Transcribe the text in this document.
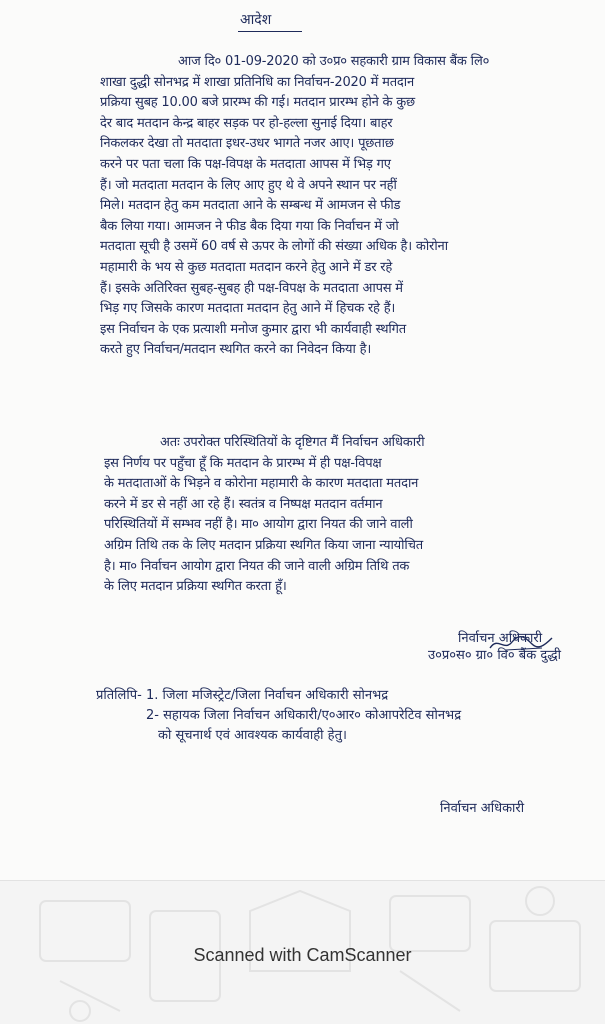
आदेश
आज दि० 01-09-2020 को उ०प्र० सहकारी ग्राम विकास बैंक लि०
शाखा दुद्धी सोनभद्र में शाखा प्रतिनिधि का निर्वाचन-2020 में मतदान
प्रक्रिया सुबह 10.00 बजे प्रारम्भ की गई। मतदान प्रारम्भ होने के कुछ
देर बाद मतदान केन्द्र बाहर सड़क पर हो-हल्ला सुनाई दिया। बाहर
निकलकर देखा तो मतदाता इधर-उधर भागते नजर आए। पूछताछ
करने पर पता चला कि पक्ष-विपक्ष के मतदाता आपस में भिड़ गए
हैं। जो मतदाता मतदान के लिए आए हुए थे वे अपने स्थान पर नहीं
मिले। मतदान हेतु कम मतदाता आने के सम्बन्ध में आमजन से फीड
बैक लिया गया। आमजन ने फीड बैक दिया गया कि निर्वाचन में जो
मतदाता सूची है उसमें 60 वर्ष से ऊपर के लोगों की संख्या अधिक है। कोरोना
महामारी के भय से कुछ मतदाता मतदान करने हेतु आने में डर रहे
हैं। इसके अतिरिक्त सुबह-सुबह ही पक्ष-विपक्ष के मतदाता आपस में
भिड़ गए जिसके कारण मतदाता मतदान हेतु आने में हिचक रहे हैं।
इस निर्वाचन के एक प्रत्याशी मनोज कुमार द्वारा भी कार्यवाही स्थगित
करते हुए निर्वाचन/मतदान स्थगित करने का निवेदन किया है।
अतः उपरोक्त परिस्थितियों के दृष्टिगत मैं निर्वाचन अधिकारी
इस निर्णय पर पहुँचा हूँ कि मतदान के प्रारम्भ में ही पक्ष-विपक्ष
के मतदाताओं के भिड़ने व कोरोना महामारी के कारण मतदाता मतदान
करने में डर से नहीं आ रहे हैं। स्वतंत्र व निष्पक्ष मतदान वर्तमान
परिस्थितियों में सम्भव नहीं है। मा० आयोग द्वारा नियत की जाने वाली
अग्रिम तिथि तक के लिए मतदान प्रक्रिया स्थगित किया जाना न्यायोचित
है। मा० निर्वाचन आयोग द्वारा नियत की जाने वाली अग्रिम तिथि तक
के लिए मतदान प्रक्रिया स्थगित करता हूँ।
निर्वाचन अधिकारी
उ०प्र०स० ग्रा० वि० बैंक दुद्धी
प्रतिलिपि- 1. जिला मजिस्ट्रेट/जिला निर्वाचन अधिकारी सोनभद्र
2- सहायक जिला निर्वाचन अधिकारी/ए०आर० कोआपरेटिव सोनभद्र
को सूचनार्थ एवं आवश्यक कार्यवाही हेतु।
निर्वाचन अधिकारी
Scanned with CamScanner
